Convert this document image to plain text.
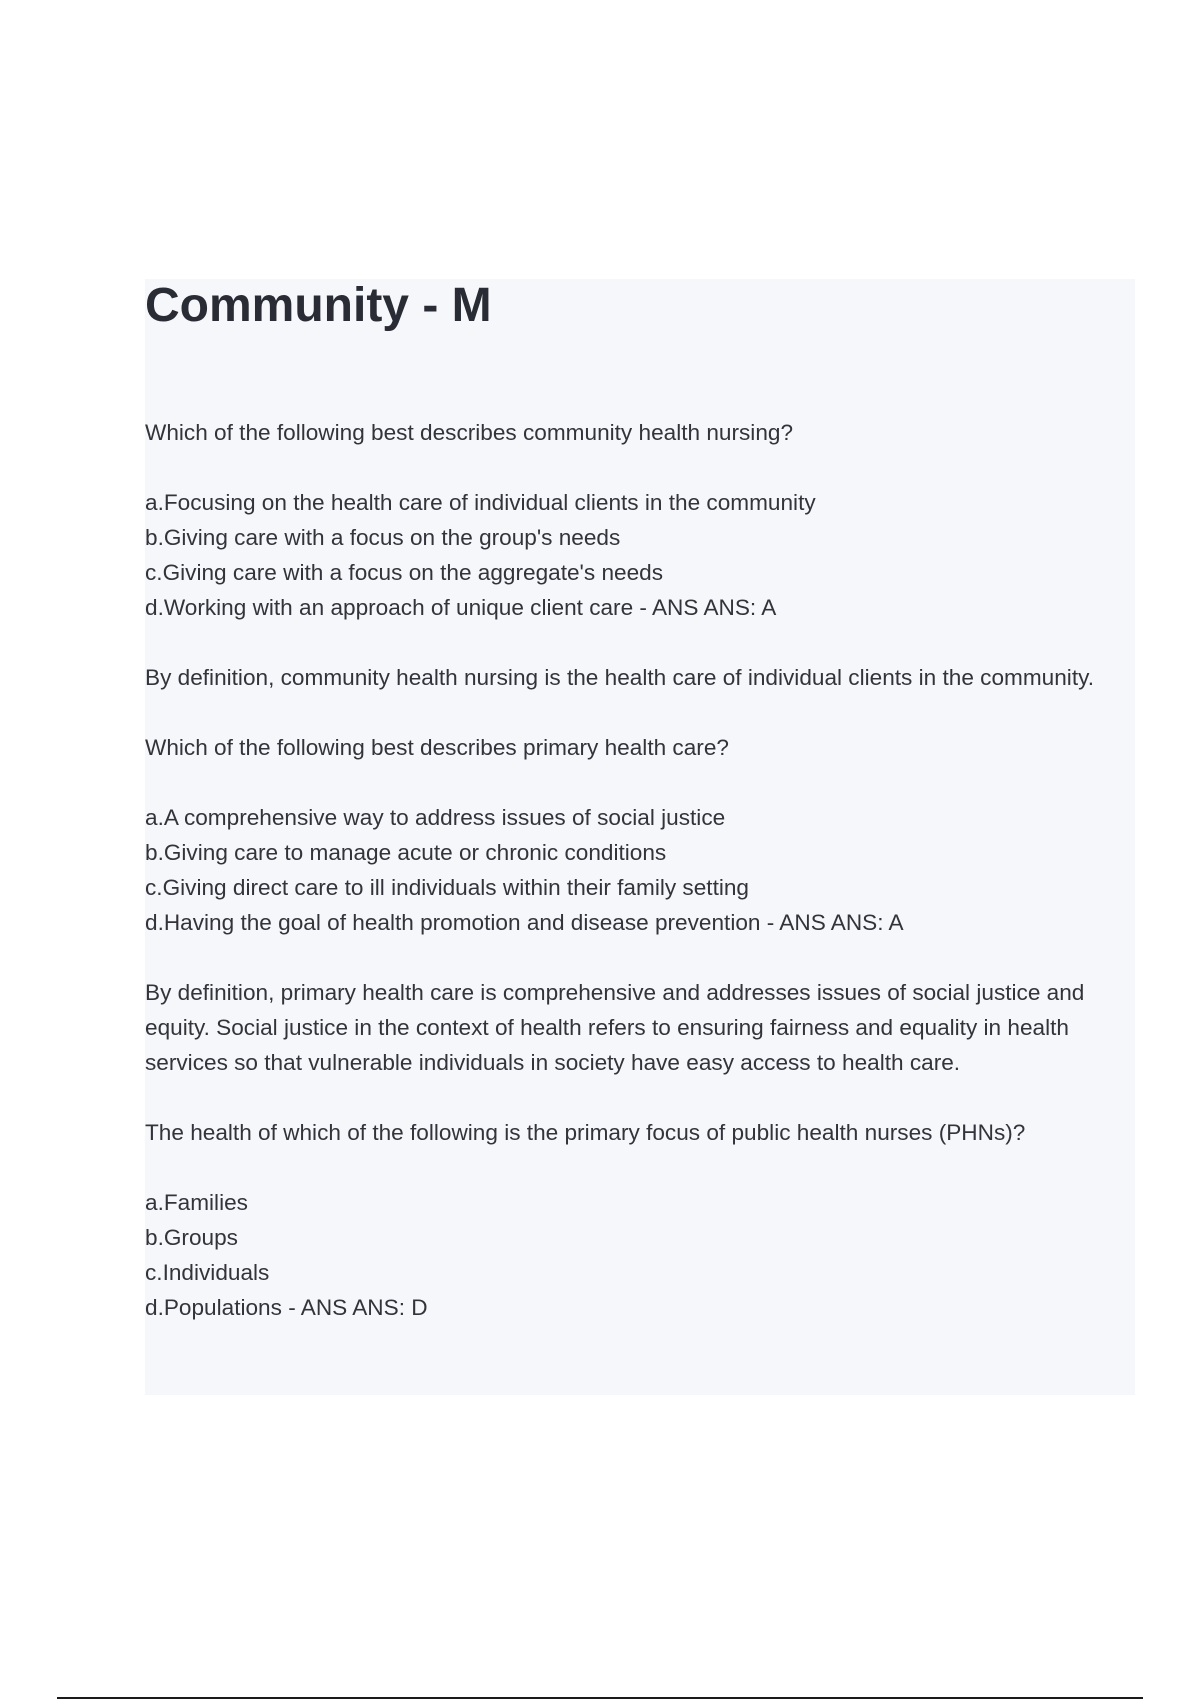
Community - M

Which of the following best describes community health nursing?

a.Focusing on the health care of individual clients in the community
b.Giving care with a focus on the group's needs
c.Giving care with a focus on the aggregate's needs
d.Working with an approach of unique client care - ANS ANS: A

By definition, community health nursing is the health care of individual clients in the community.

Which of the following best describes primary health care?

a.A comprehensive way to address issues of social justice
b.Giving care to manage acute or chronic conditions
c.Giving direct care to ill individuals within their family setting
d.Having the goal of health promotion and disease prevention - ANS ANS: A

By definition, primary health care is comprehensive and addresses issues of social justice and equity. Social justice in the context of health refers to ensuring fairness and equality in health services so that vulnerable individuals in society have easy access to health care.

The health of which of the following is the primary focus of public health nurses (PHNs)?

a.Families
b.Groups
c.Individuals
d.Populations - ANS ANS: D
